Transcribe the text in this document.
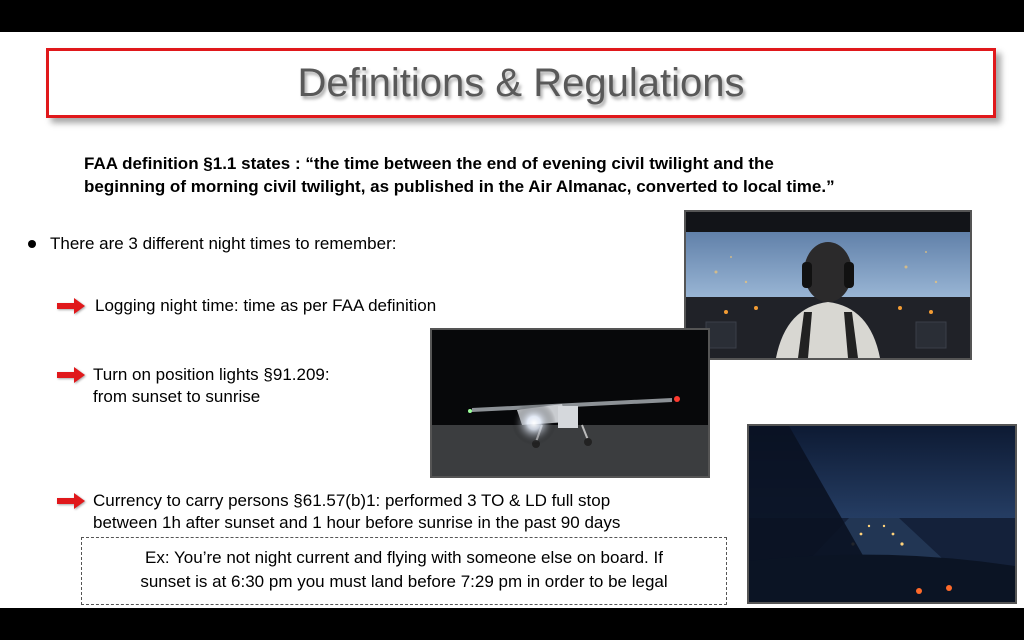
Definitions & Regulations
FAA definition §1.1 states : “the time between the end of evening civil twilight and the
beginning of morning civil twilight, as published in the Air Almanac, converted to local time.”
There are 3 different night times to remember:
Logging night time: time as per FAA definition
Turn on position lights §91.209:
from sunset to sunrise
Currency to carry persons §61.57(b)1: performed 3 TO & LD full stop
between 1h after sunset and 1 hour before sunrise in the past 90 days
Ex: You’re not night current and flying with someone else on board. If
sunset is at 6:30 pm you must land before 7:29 pm in order to be legal
